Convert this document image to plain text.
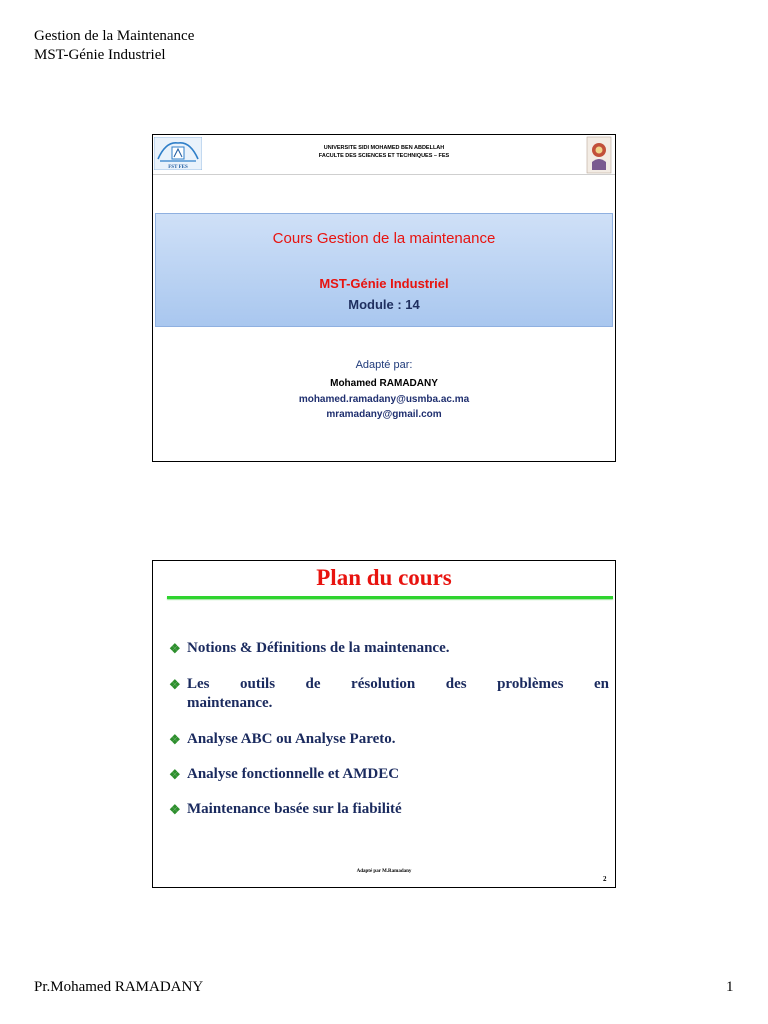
Gestion de la Maintenance
MST-Génie Industriel
FST FES
UNIVERSITE SIDI MOHAMED BEN ABDELLAH
FACULTE DES SCIENCES ET TECHNIQUES – FES
Cours Gestion de la maintenance
MST-Génie Industriel
Module : 14
Adapté par:
Mohamed RAMADANY
mohamed.ramadany@usmba.ac.ma
mramadany@gmail.com
Plan du cours
❖ Notions & Définitions de la maintenance.
❖ Les outils de résolution des problèmes en
maintenance.
❖ Analyse ABC ou Analyse Pareto.
❖ Analyse fonctionnelle et AMDEC
❖ Maintenance basée sur la fiabilité
Adapté par M.Ramadany
2
Pr.Mohamed RAMADANY	1
